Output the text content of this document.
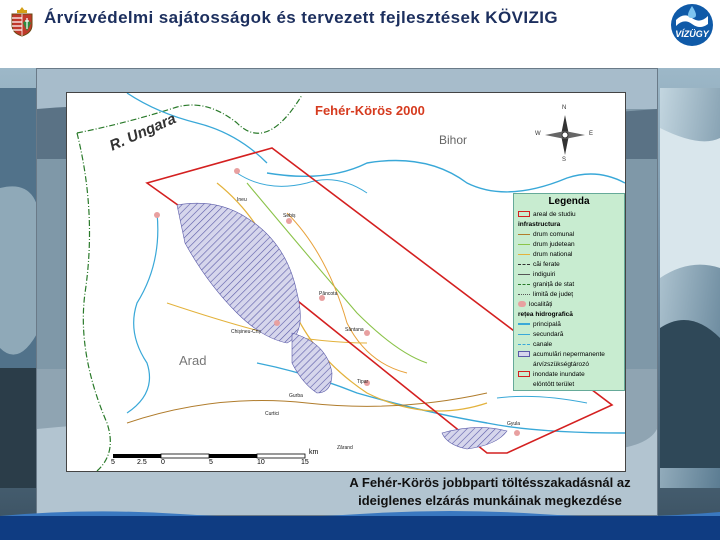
Árvízvédelmi sajátosságok és tervezett fejlesztések KÖVIZIG
VÍZÜGY
Fehér-Körös 2000
Bihor
Arad
R. Ungara
N
E
S
W
Ineu
Sebiș
Chișineu-Criș
Pâncota
Curtici
Gurba
Sântana
Zărand
Tipar
Gyula
Legenda
areal de studiu
infrastructura
drum comunal
drum judetean
drum national
căi ferate
indiguiri
graniță de stat
limită de județ
localități
rețea hidrografică
principală
secundară
canale
acumulări nepermanente
árvízszükségtározó
inondate inundate
elöntött terület
5	2.5 0	5	10	15
km
A Fehér-Körös jobbparti töltésszakadásnál az
ideiglenes elzárás munkáinak megkezdése
